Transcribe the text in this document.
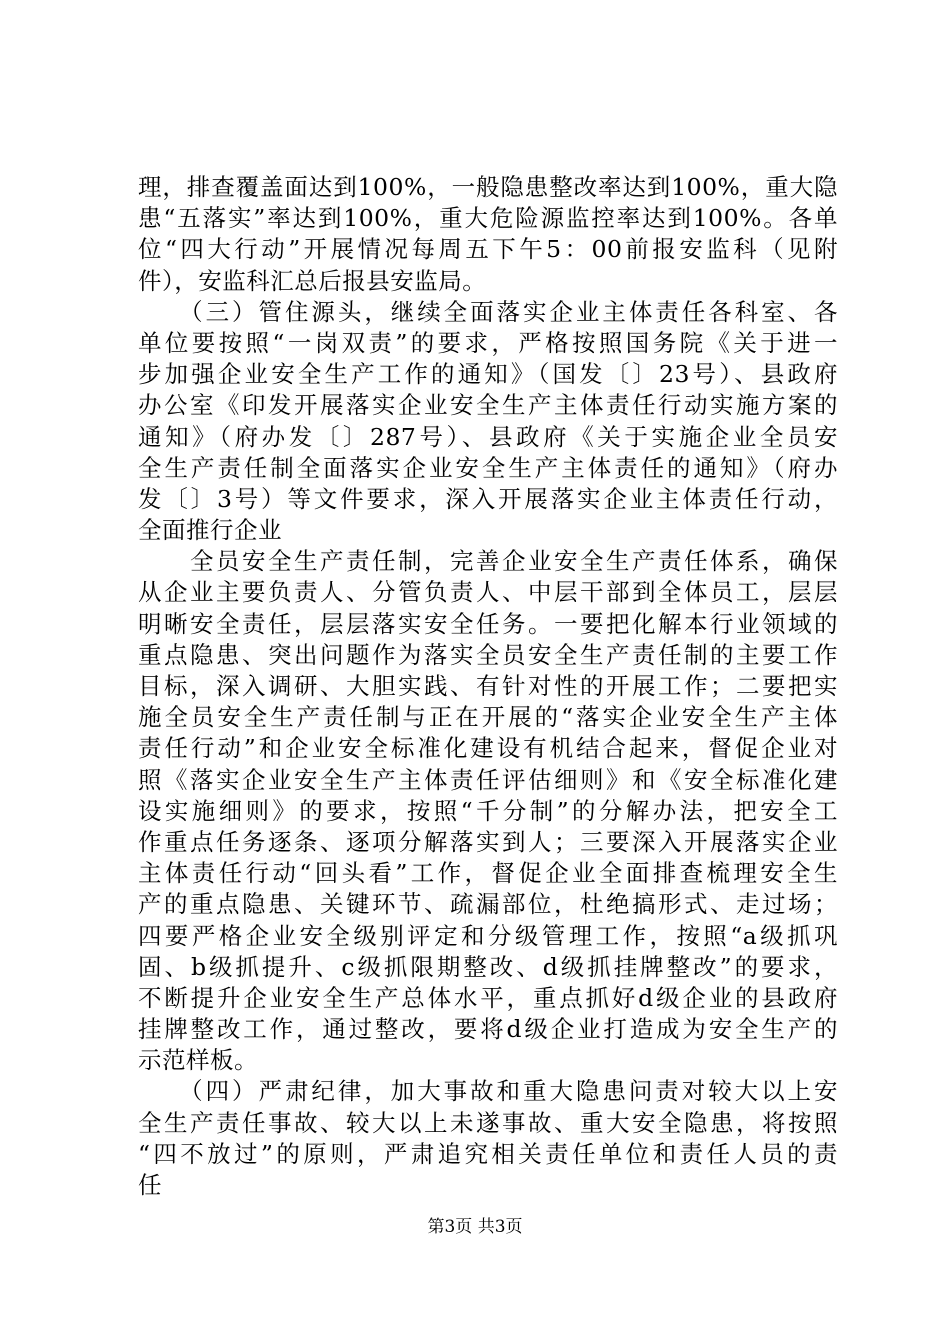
理，排查覆盖面达到100%，一般隐患整改率达到100%，重大隐
患“五落实”率达到100%，重大危险源监控率达到100%。各单
位“四大行动”开展情况每周五下午5：00前报安监科（见附
件），安监科汇总后报县安监局。
　　（三）管住源头，继续全面落实企业主体责任各科室、各
单位要按照“一岗双责”的要求，严格按照国务院《关于进一
步加强企业安全生产工作的通知》（国发〔〕23号）、县政府
办公室《印发开展落实企业安全生产主体责任行动实施方案的
通知》（府办发〔〕287号）、县政府《关于实施企业全员安
全生产责任制全面落实企业安全生产主体责任的通知》（府办
发〔〕3号）等文件要求，深入开展落实企业主体责任行动，
全面推行企业
　　全员安全生产责任制，完善企业安全生产责任体系，确保
从企业主要负责人、分管负责人、中层干部到全体员工，层层
明晰安全责任，层层落实安全任务。一要把化解本行业领域的
重点隐患、突出问题作为落实全员安全生产责任制的主要工作
目标，深入调研、大胆实践、有针对性的开展工作；二要把实
施全员安全生产责任制与正在开展的“落实企业安全生产主体
责任行动”和企业安全标准化建设有机结合起来，督促企业对
照《落实企业安全生产主体责任评估细则》和《安全标准化建
设实施细则》的要求，按照“千分制”的分解办法，把安全工
作重点任务逐条、逐项分解落实到人；三要深入开展落实企业
主体责任行动“回头看”工作，督促企业全面排查梳理安全生
产的重点隐患、关键环节、疏漏部位，杜绝搞形式、走过场；
四要严格企业安全级别评定和分级管理工作，按照“a级抓巩
固、b级抓提升、c级抓限期整改、d级抓挂牌整改”的要求，
不断提升企业安全生产总体水平，重点抓好d级企业的县政府
挂牌整改工作，通过整改，要将d级企业打造成为安全生产的
示范样板。
　　（四）严肃纪律，加大事故和重大隐患问责对较大以上安
全生产责任事故、较大以上未遂事故、重大安全隐患，将按照
“四不放过”的原则，严肃追究相关责任单位和责任人员的责
任
第3页 共3页
